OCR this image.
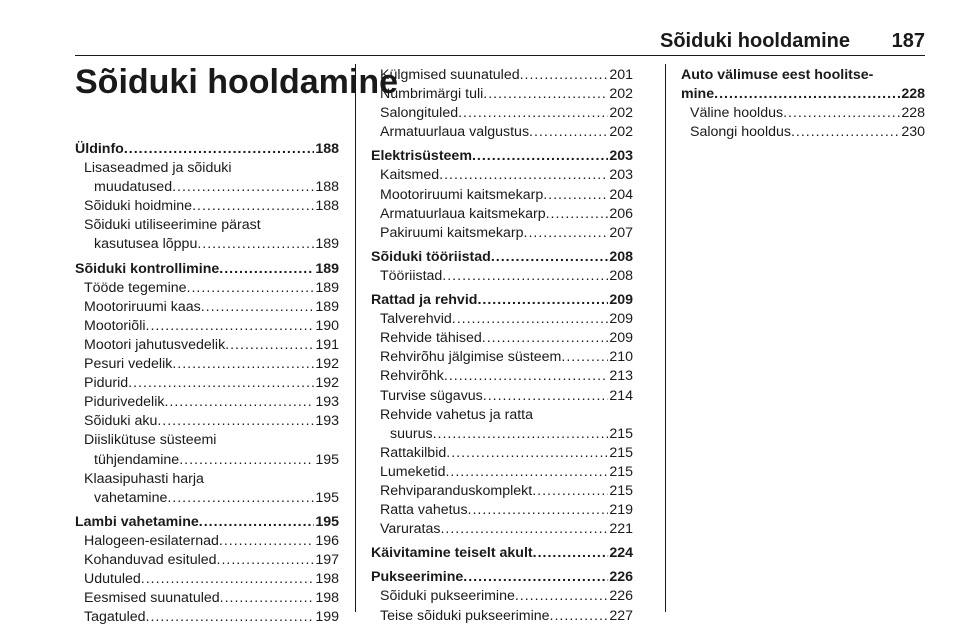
Sõiduki hooldamine 187
Sõiduki hooldamine
Üldinfo .....	188
Lisaseadmed ja sõiduki
muudatused .....	188
Sõiduki hoidmine .....	188
Sõiduki utiliseerimine pärast
kasutusea lõppu .....	189
Sõiduki kontrollimine .....	189
Tööde tegemine .....	189
Mootoriruumi kaas .....	189
Mootoriõli .....	190
Mootori jahutusvedelik .....	191
Pesuri vedelik .....	192
Pidurid .....	192
Pidurivedelik .....	193
Sõiduki aku .....	193
Diislikütuse süsteemi
tühjendamine .....	195
Klaasipuhasti harja
vahetamine .....	195
Lambi vahetamine .....	195
Halogeen-esilaternad .....	196
Kohanduvad esituled .....	197
Udutuled .....	198
Eesmised suunatuled .....	198
Tagatuled .....	199
Külgmised suunatuled .....	201
Numbrimärgi tuli .....	202
Salongituled .....	202
Armatuurlaua valgustus .....	202
Elektrisüsteem .....	203
Kaitsmed .....	203
Mootoriruumi kaitsmekarp .....	204
Armatuurlaua kaitsmekarp .....	206
Pakiruumi kaitsmekarp .....	207
Sõiduki tööriistad .....	208
Tööriistad .....	208
Rattad ja rehvid .....	209
Talverehvid .....	209
Rehvide tähised .....	209
Rehvirõhu jälgimise süsteem .....	210
Rehvirõhk .....	213
Turvise sügavus .....	214
Rehvide vahetus ja ratta
suurus .....	215
Rattakilbid .....	215
Lumeketid .....	215
Rehviparanduskomplekt .....	215
Ratta vahetus .....	219
Varuratas .....	221
Käivitamine teiselt akult .....	224
Pukseerimine .....	226
Sõiduki pukseerimine .....	226
Teise sõiduki pukseerimine .....	227
Auto välimuse eest hoolitse-
mine .....	228
Väline hooldus .....	228
Salongi hooldus .....	230
